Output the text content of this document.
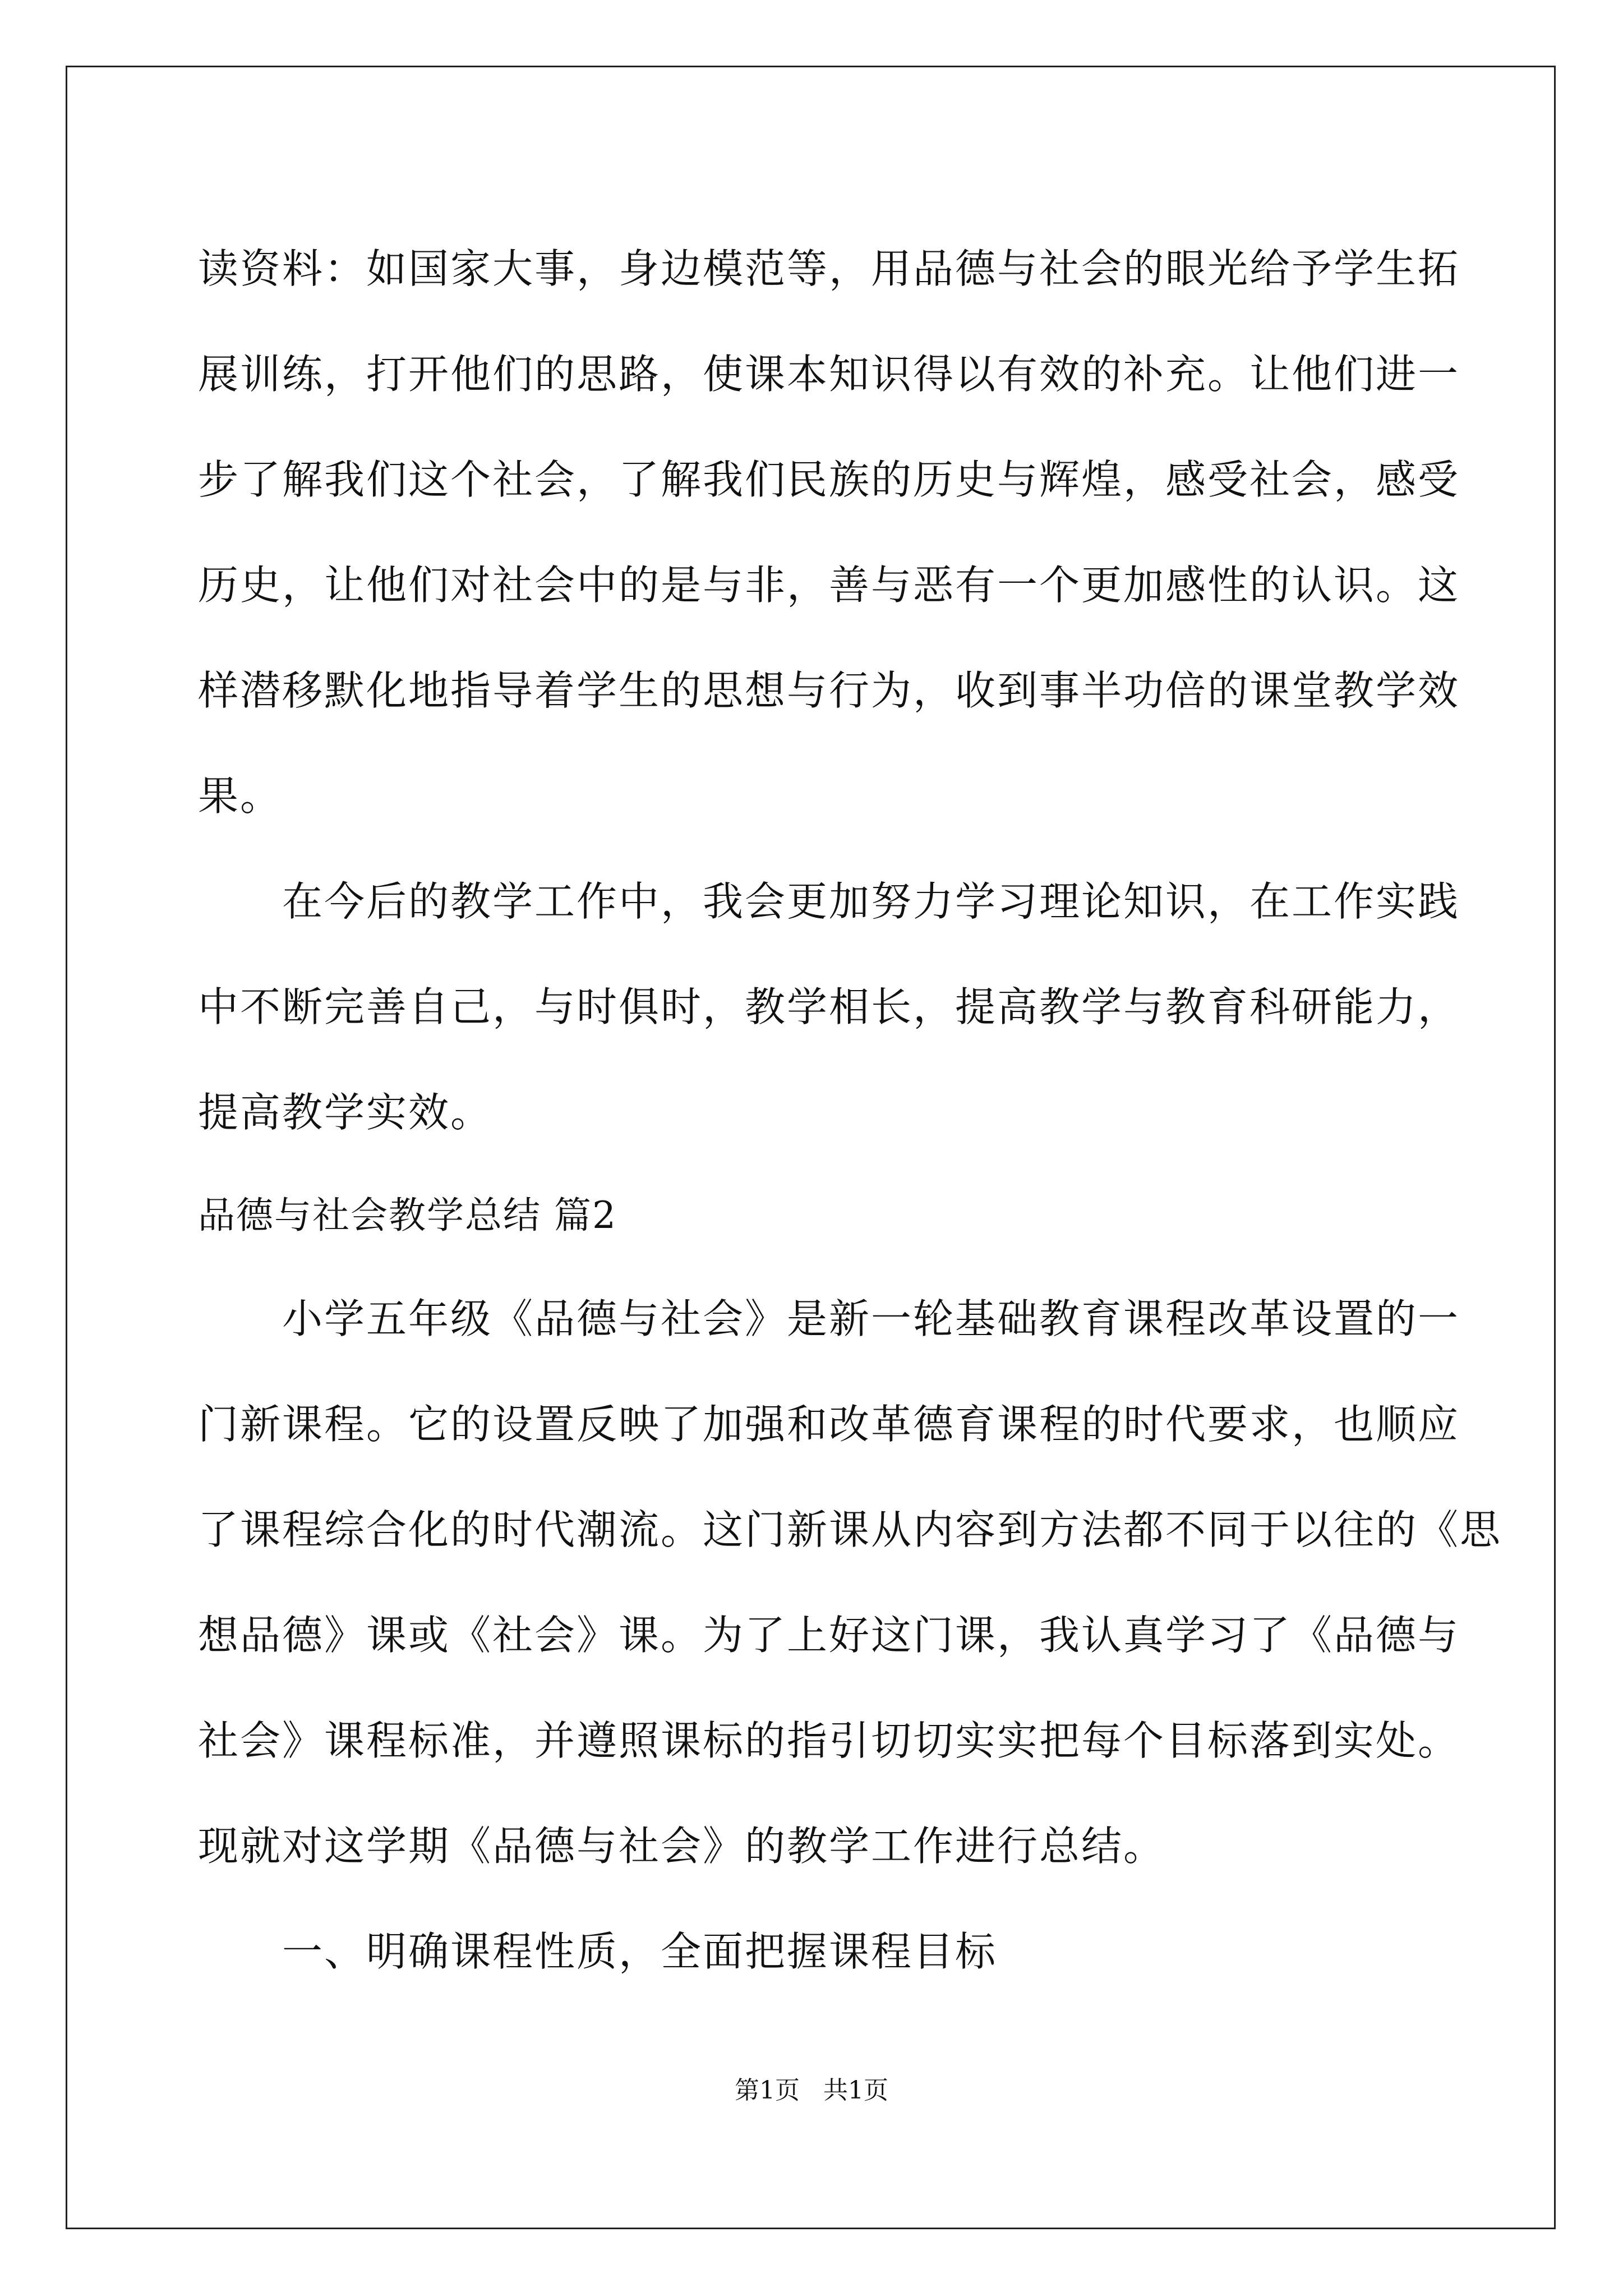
读资料：如国家大事，身边模范等，用品德与社会的眼光给予学生拓
展训练，打开他们的思路，使课本知识得以有效的补充。让他们进一
步了解我们这个社会，了解我们民族的历史与辉煌，感受社会，感受
历史，让他们对社会中的是与非，善与恶有一个更加感性的认识。这
样潜移默化地指导着学生的思想与行为，收到事半功倍的课堂教学效
果。
在今后的教学工作中，我会更加努力学习理论知识，在工作实践
中不断完善自己，与时俱时，教学相长，提高教学与教育科研能力，
提高教学实效。
品德与社会教学总结 篇2
小学五年级《品德与社会》是新一轮基础教育课程改革设置的一
门新课程。它的设置反映了加强和改革德育课程的时代要求，也顺应
了课程综合化的时代潮流。这门新课从内容到方法都不同于以往的《思
想品德》课或《社会》课。为了上好这门课，我认真学习了《品德与
社会》课程标准，并遵照课标的指引切切实实把每个目标落到实处。
现就对这学期《品德与社会》的教学工作进行总结。
一、明确课程性质，全面把握课程目标
第1页 共1页
